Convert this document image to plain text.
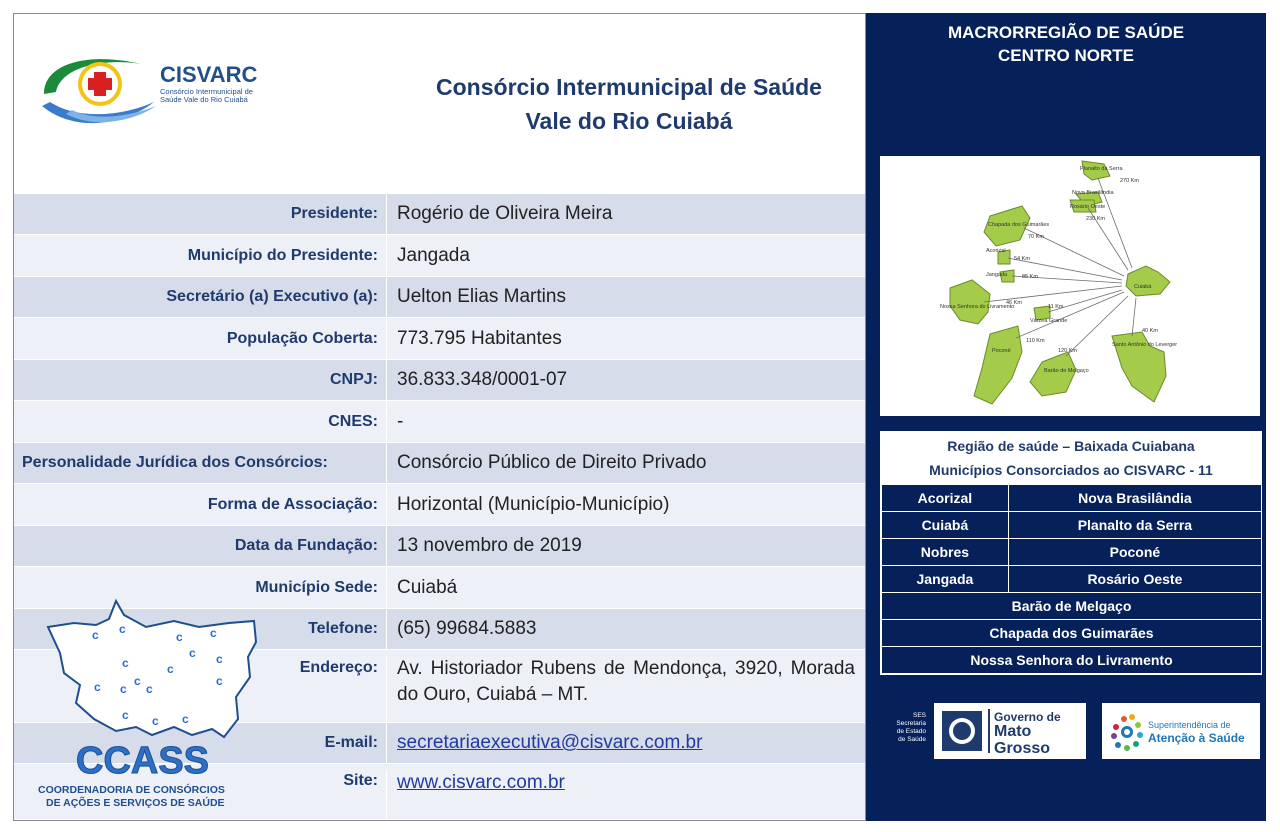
CISVARC
Consórcio Intermunicipal de
Saúde Vale do Rio Cuiabá	Consórcio Intermunicipal de Saúde
Vale do Rio Cuiabá
Presidente:	Rogério de Oliveira Meira
Município do Presidente:	Jangada
Secretário (a) Executivo (a):	Uelton Elias Martins
População Coberta:	773.795 Habitantes
CNPJ:	36.833.348/0001-07
CNES:	-
Personalidade Jurídica dos Consórcios:	Consórcio Público de Direito Privado
Forma de Associação:	Horizontal (Município-Município)
Data da Fundação:	13 novembro de 2019
Município Sede:	Cuiabá
Telefone:	(65) 99684.5883
Endereço:	Av. Historiador Rubens de Mendonça, 3920, Morada do Ouro, Cuiabá – MT.
E-mail:	secretariaexecutiva@cisvarc.com.br
Site:	www.cisvarc.com.br
c c
c c
c c
c	c
c	c
c c c
c c c
CCASS
COORDENADORIA DE CONSÓRCIOS
DE AÇÕES E SERVIÇOS DE SAÚDE
MACRORREGIÃO DE SAÚDE
CENTRO NORTE
Planalto da Serra
Nova Brasilândia
Rosário Oeste
Chapada dos Guimarães
Acorizal
Jangada
Nossa Senhora do Livramento
Várzea Grande
Cuiabá
Santo Antônio do Leverger
Poconé
Barão de Melgaço
270 Km
230 Km
70 Km
54 Km
85 Km
46 Km
11 Km
110 Km
120 Km
40 Km
Região de saúde – Baixada Cuiabana
Municípios Consorciados ao CISVARC - 11
Acorizal	Nova Brasilândia
Cuiabá	Planalto da Serra
Nobres	Poconé
Jangada	Rosário Oeste
Barão de Melgaço	
Chapada dos Guimarães	
Nossa Senhora do Livramento	
SES
Secretaria
de Estado
de Saúde
Governo de
Mato
Grosso
Superintendência de
Atenção à Saúde
